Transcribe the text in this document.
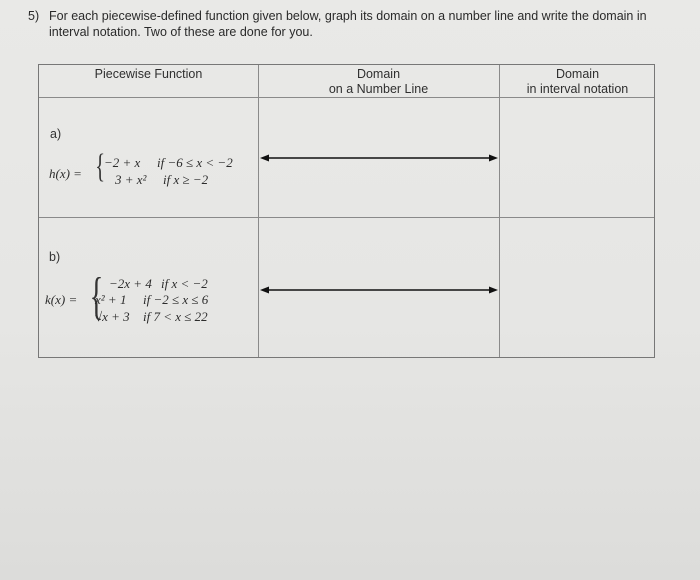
5) For each piecewise-defined function given below, graph its domain on a number line and write the domain in interval notation. Two of these are done for you.
Piecewise Function	Domain
on a Number Line
Domain
in interval notation
a)
h(x) = {
−2 + x if −6 ≤ x < −2
3 + x² if x ≥ −2
b)
k(x) = { −2x + 4 if x < −2
x² + 1 if −2 ≤ x ≤ 6
√x + 3 if 7 < x ≤ 22
